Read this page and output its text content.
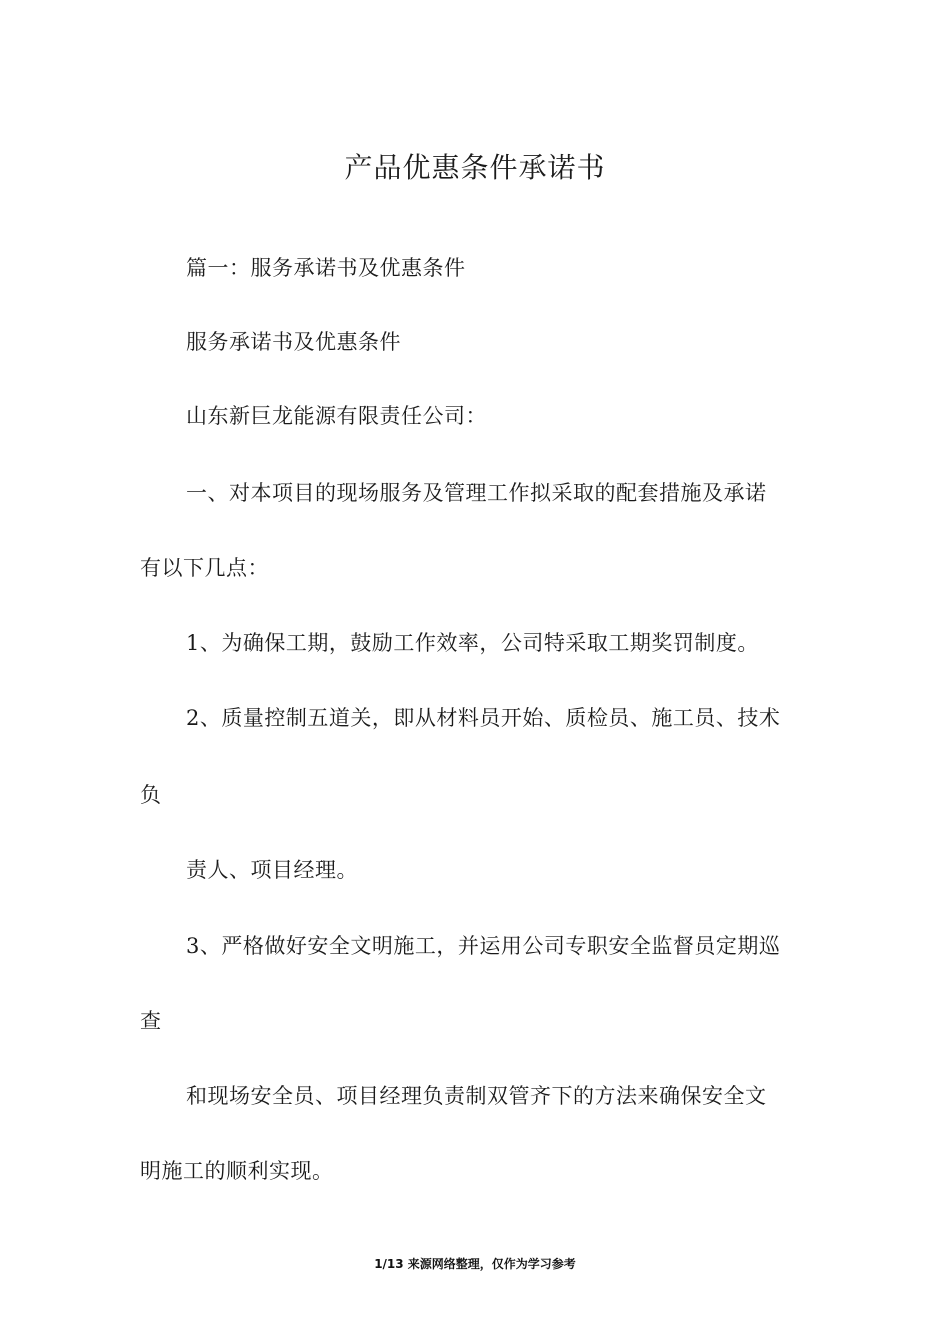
产品优惠条件承诺书
篇一：服务承诺书及优惠条件
服务承诺书及优惠条件
山东新巨龙能源有限责任公司：
一、对本项目的现场服务及管理工作拟采取的配套措施及承诺
有以下几点：
1、为确保工期，鼓励工作效率，公司特采取工期奖罚制度。
2、质量控制五道关，即从材料员开始、质检员、施工员、技术
负
责人、项目经理。
3、严格做好安全文明施工，并运用公司专职安全监督员定期巡
查
和现场安全员、项目经理负责制双管齐下的方法来确保安全文
明施工的顺利实现。
1/13 来源网络整理，仅作为学习参考
